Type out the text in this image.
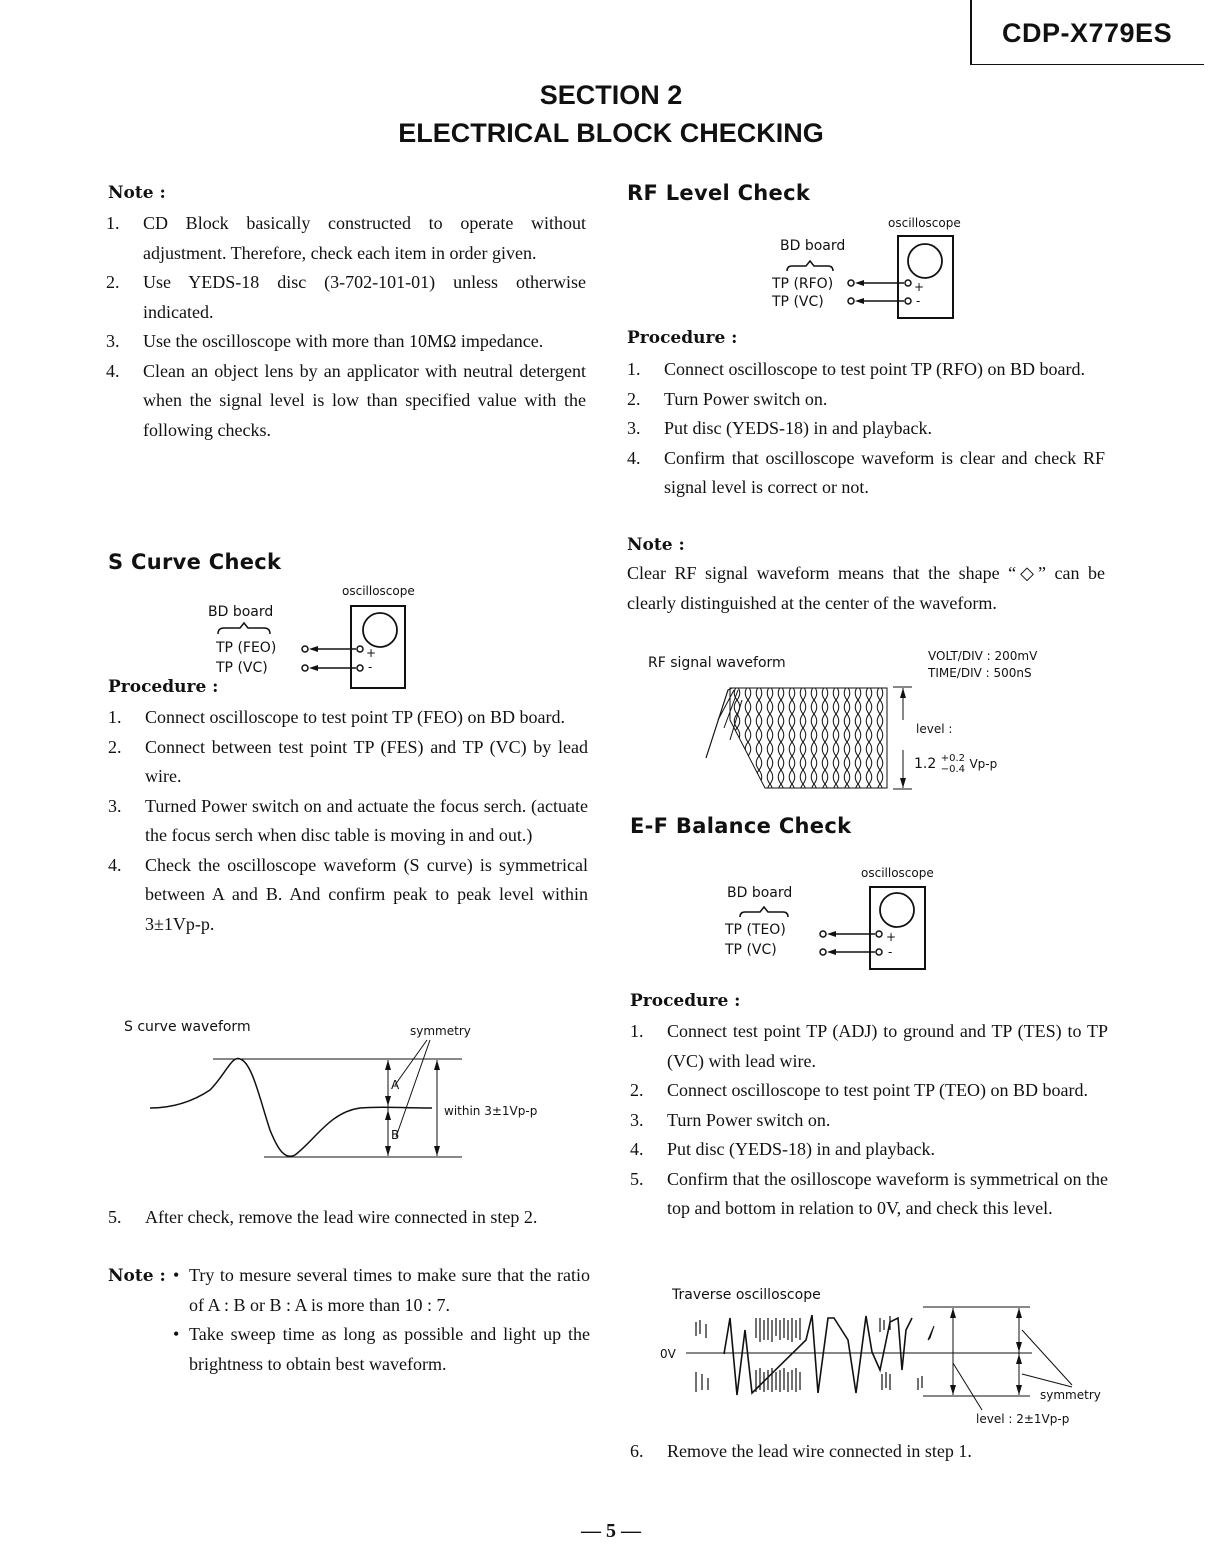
CDP-X779ES
SECTION 2
ELECTRICAL BLOCK CHECKING
Note :
1. CD Block basically constructed to operate without adjustment. Therefore, check each item in order given.
2. Use YEDS-18 disc (3-702-101-01) unless otherwise indicated.
3. Use the oscilloscope with more than 10MΩ impedance.
4. Clean an object lens by an applicator with neutral detergent when the signal level is low than specified value with the following checks.
S Curve Check
oscilloscope
BD board
TP (FEO)
TP (VC)
+
-
Procedure :
1. Connect oscilloscope to test point TP (FEO) on BD board.
2. Connect between test point TP (FES) and TP (VC) by lead wire.
3. Turned Power switch on and actuate the focus serch. (actuate the focus serch when disc table is moving in and out.)
4. Check the oscilloscope waveform (S curve) is symmetrical between A and B. And confirm peak to peak level within 3±1Vp-p.
S curve waveform	symmetry
A
B
within 3±1Vp-p
5. After check, remove the lead wire connected in step 2.
Note : • Try to mesure several times to make sure that the ratio of A : B or B : A is more than 10 : 7.
• Take sweep time as long as possible and light up the brightness to obtain best waveform.
RF Level Check
oscilloscope
BD board
TP (RFO)
TP (VC)
+
-
Procedure :
1. Connect oscilloscope to test point TP (RFO) on BD board.
2. Turn Power switch on.
3. Put disc (YEDS-18) in and playback.
4. Confirm that oscilloscope waveform is clear and check RF signal level is correct or not.
Note :
Clear RF signal waveform means that the shape “◇” can be clearly distinguished at the center of the waveform.
RF signal waveform	VOLT/DIV : 200mV
TIME/DIV : 500nS
level :
1.2 +0.2
−0.4 Vp-p
E-F Balance Check
oscilloscope
BD board
TP (TEO)
TP (VC)
+
-
Procedure :
1. Connect test point TP (ADJ) to ground and TP (TES) to TP (VC) with lead wire.
2. Connect oscilloscope to test point TP (TEO) on BD board.
3. Turn Power switch on.
4. Put disc (YEDS-18) in and playback.
5. Confirm that the osilloscope waveform is symmetrical on the top and bottom in relation to 0V, and check this level.
Traverse oscilloscope
0V
symmetry
level : 2±1Vp-p
6. Remove the lead wire connected in step 1.
— 5 —
